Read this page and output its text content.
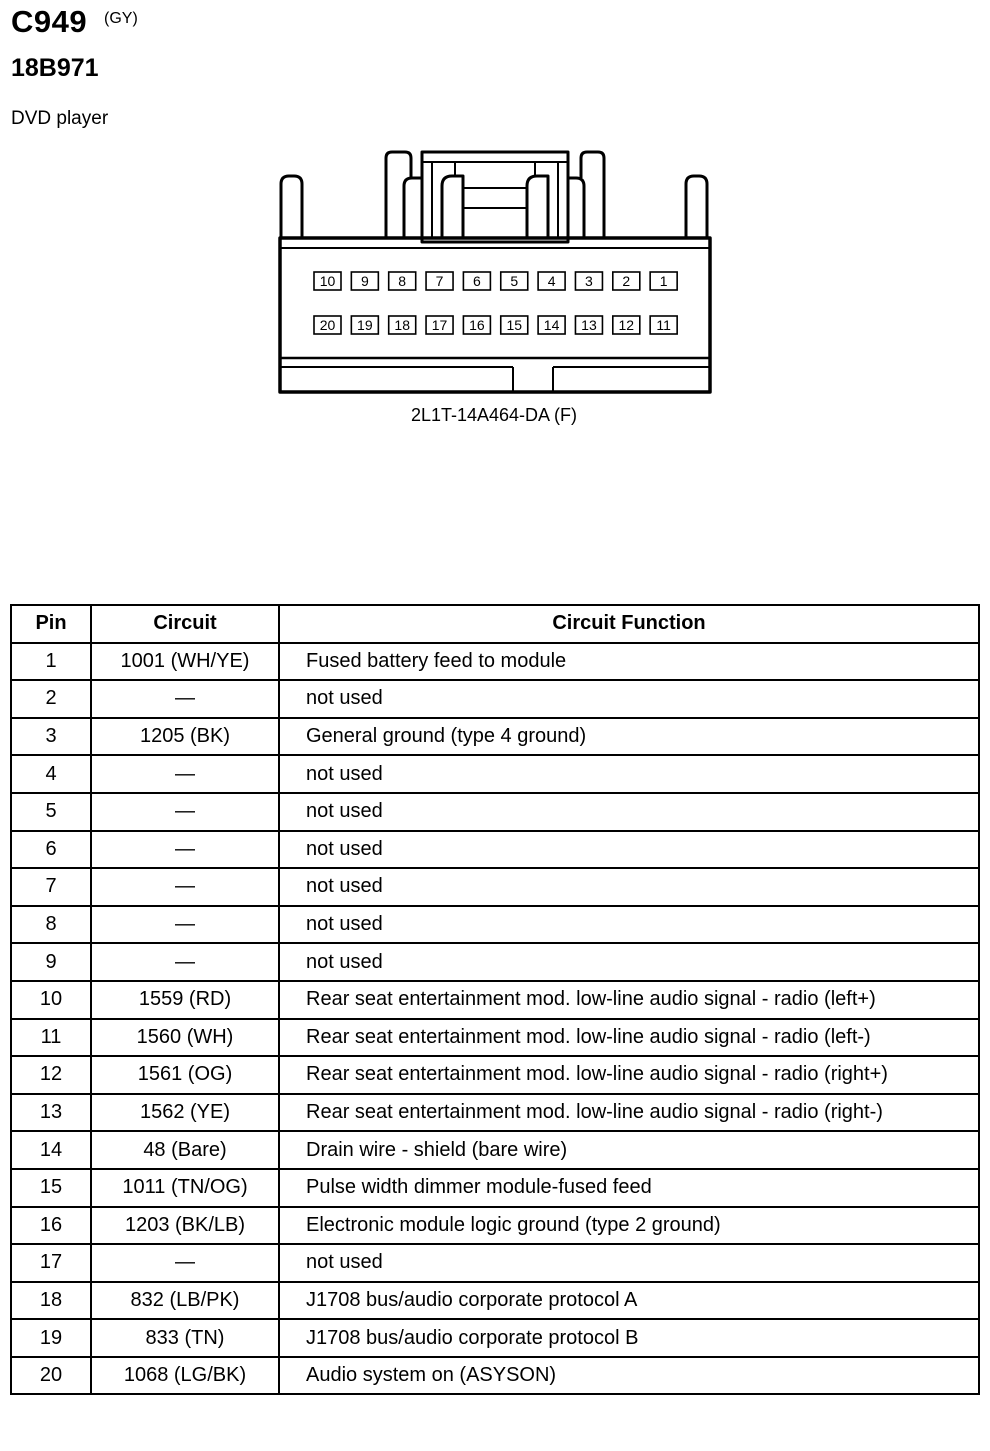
C949 (GY)
18B971
DVD player
10 9 8 7 6 5 4 3 2 1
20 19 18 17 16 15 14 13 12 11
2L1T-14A464-DA (F)
Pin	Circuit	Circuit Function
1	1001 (WH/YE)	Fused battery feed to module
2	—	not used
3	1205 (BK)	General ground (type 4 ground)
4	—	not used
5	—	not used
6	—	not used
7	—	not used
8	—	not used
9	—	not used
10	1559 (RD)	Rear seat entertainment mod. low-line audio signal - radio (left+)
11	1560 (WH)	Rear seat entertainment mod. low-line audio signal - radio (left-)
12	1561 (OG)	Rear seat entertainment mod. low-line audio signal - radio (right+)
13	1562 (YE)	Rear seat entertainment mod. low-line audio signal - radio (right-)
14	48 (Bare)	Drain wire - shield (bare wire)
15	1011 (TN/OG)	Pulse width dimmer module-fused feed
16	1203 (BK/LB)	Electronic module logic ground (type 2 ground)
17	—	not used
18	832 (LB/PK)	J1708 bus/audio corporate protocol A
19	833 (TN)	J1708 bus/audio corporate protocol B
20	1068 (LG/BK)	Audio system on (ASYSON)
